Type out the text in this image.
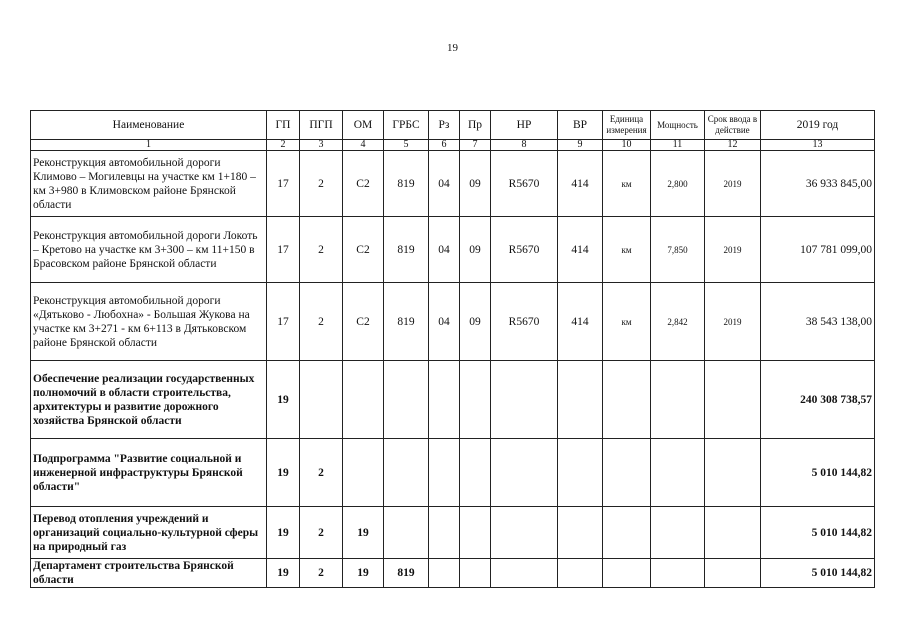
19
Наименование	ГП	ПГП	ОМ	ГРБС	Рз	Пр	НР	ВР	Единица измерения	Мощность	Срок ввода в действие	2019 год
1	2	3	4	5	6	7	8	9	10	11	12	13
Реконструкция автомобильной дороги Климово – Могилевцы на участке км 1+180 – км 3+980 в Климовском районе Брянской области	17	2	С2	819	04	09	R5670	414	км	2,800	2019	36 933 845,00
Реконструкция автомобильной дороги Локоть – Кретово на участке км 3+300 – км 11+150 в Брасовском районе Брянской области	17	2	С2	819	04	09	R5670	414	км	7,850	2019	107 781 099,00
Реконструкция автомобильной дороги «Дятьково - Любохна» - Большая Жукова на участке км 3+271 - км 6+113 в Дятьковском районе Брянской области	17	2	С2	819	04	09	R5670	414	км	2,842	2019	38 543 138,00
Обеспечение реализации государственных полномочий в области строительства, архитектуры и развитие дорожного хозяйства Брянской области	19											240 308 738,57
Подпрограмма "Развитие социальной и инженерной инфраструктуры Брянской области"	19	2										5 010 144,82
Перевод отопления учреждений и организаций социально-культурной сферы на природный газ	19	2	19									5 010 144,82
Департамент строительства Брянской области	19	2	19	819								5 010 144,82
